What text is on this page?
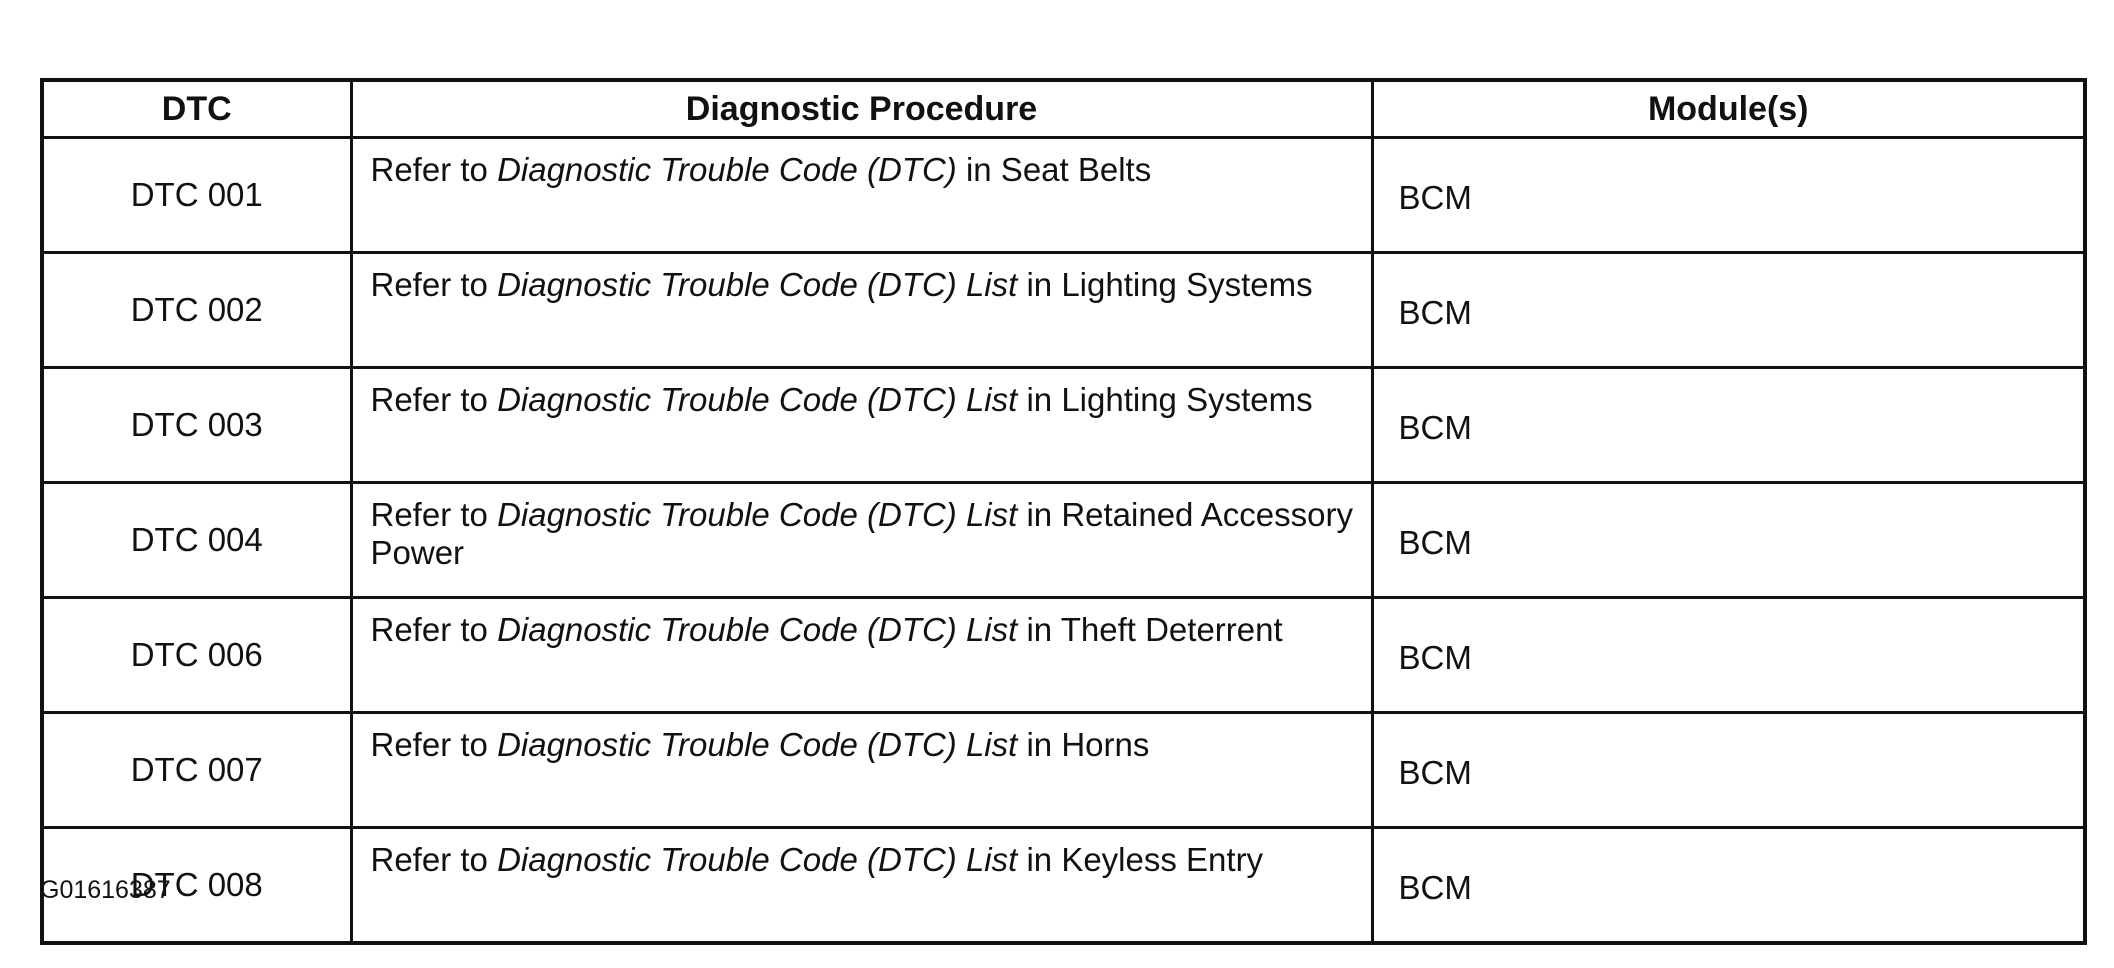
DTC	Diagnostic Procedure	Module(s)
DTC 001	Refer to Diagnostic Trouble Code (DTC) in Seat Belts	BCM
DTC 002	Refer to Diagnostic Trouble Code (DTC) List in Lighting Systems	BCM
DTC 003	Refer to Diagnostic Trouble Code (DTC) List in Lighting Systems	BCM
DTC 004	Refer to Diagnostic Trouble Code (DTC) List in Retained Accessory Power	BCM
DTC 006	Refer to Diagnostic Trouble Code (DTC) List in Theft Deterrent	BCM
DTC 007	Refer to Diagnostic Trouble Code (DTC) List in Horns	BCM
DTC 008	Refer to Diagnostic Trouble Code (DTC) List in Keyless Entry	BCM
G01616387
